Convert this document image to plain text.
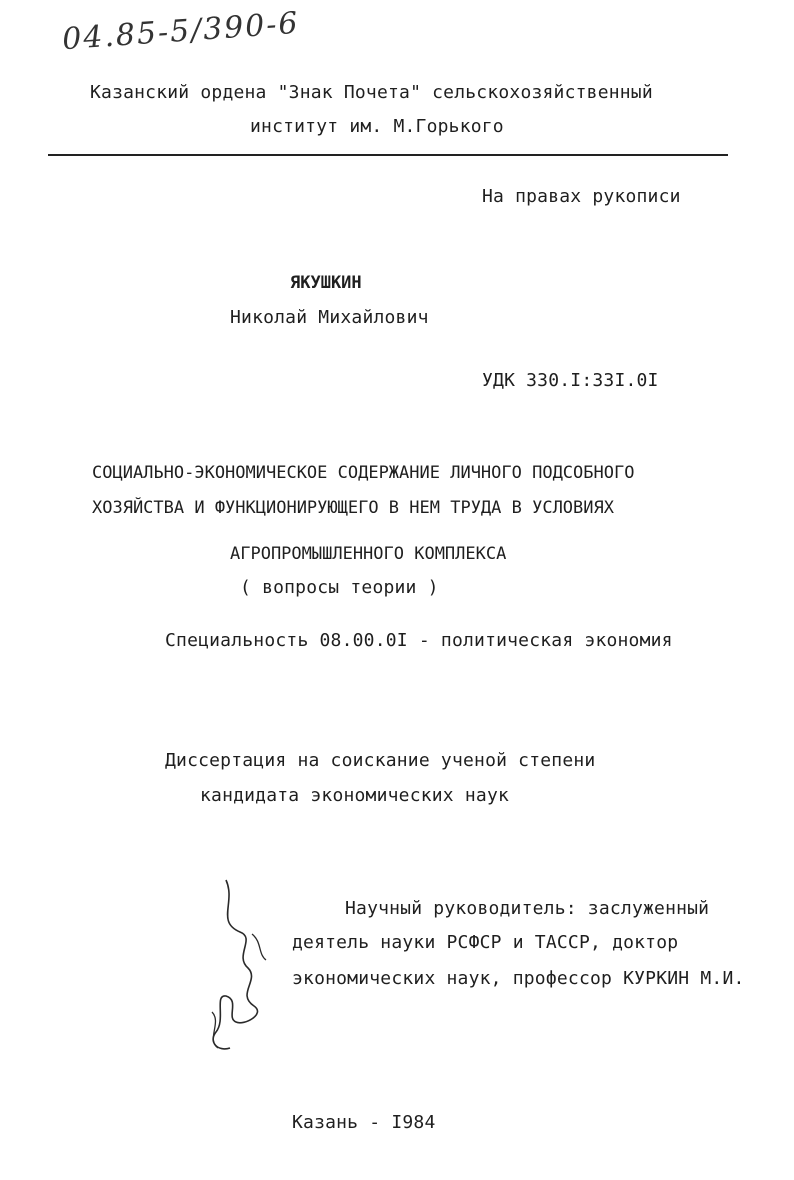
04.85-5/390-6
Казанский ордена "Знак Почета" сельскохозяйственный
институт им. М.Горького
На правах рукописи
ЯКУШКИН
Николай Михайлович
УДК 330.I:33I.0I
СОЦИАЛЬНО-ЭКОНОМИЧЕСКОЕ СОДЕРЖАНИЕ ЛИЧНОГО ПОДСОБНОГО
ХОЗЯЙСТВА И ФУНКЦИОНИРУЮЩЕГО В НЕМ ТРУДА В УСЛОВИЯХ
АГРОПРОМЫШЛЕННОГО КОМПЛЕКСА
( вопросы теории )
Специальность 08.00.0I - политическая экономия
Диссертация на соискание ученой степени
кандидата экономических наук
Научный руководитель: заслуженный
деятель науки РСФСР и ТАССР, доктор
экономических наук, профессор КУРКИН М.И.
Казань - I984
